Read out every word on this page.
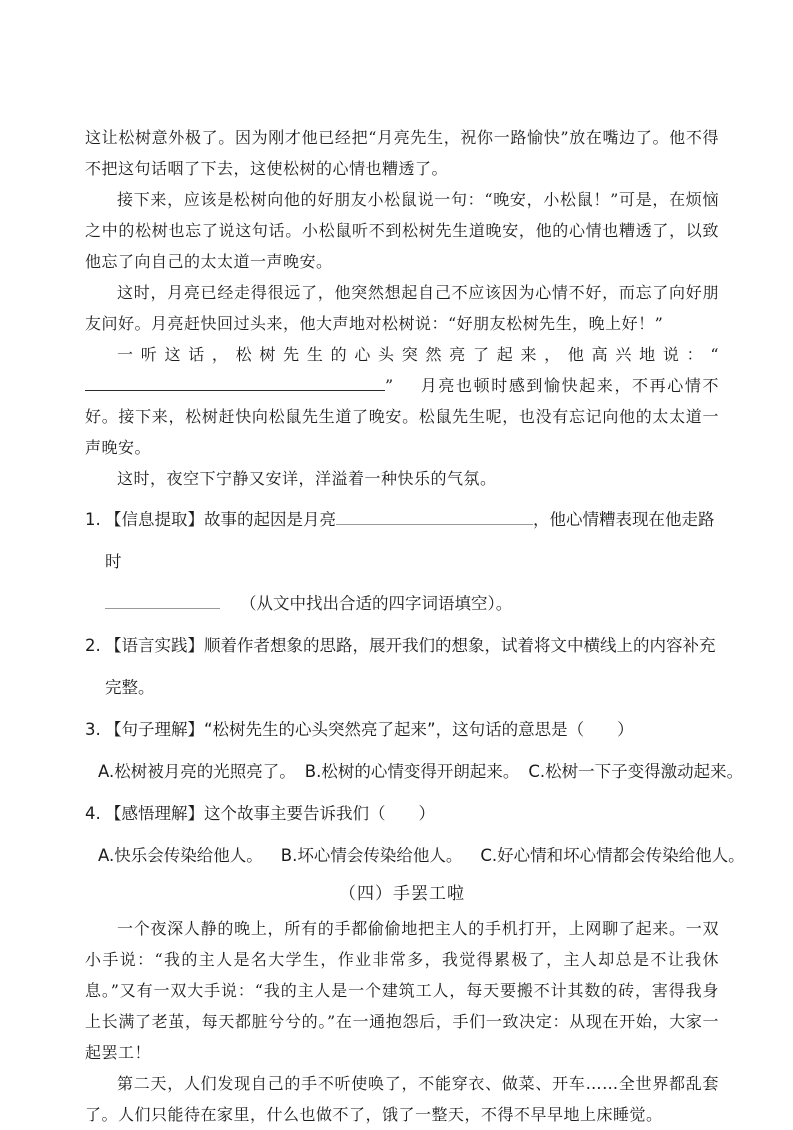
这让松树意外极了。因为刚才他已经把“月亮先生，祝你一路愉快”放在嘴边了。他不得不把这句话咽了下去，这使松树的心情也糟透了。

接下来，应该是松树向他的好朋友小松鼠说一句：“晚安，小松鼠！”可是，在烦恼之中的松树也忘了说这句话。小松鼠听不到松树先生道晚安，他的心情也糟透了，以致他忘了向自己的太太道一声晚安。

这时，月亮已经走得很远了，他突然想起自己不应该因为心情不好，而忘了向好朋友问好。月亮赶快回过头来，他大声地对松树说：“好朋友松树先生，晚上好！”

一听这话，松树先生的心头突然亮了起来，他高兴地说：“” 月亮也顿时感到愉快起来，不再心情不好。接下来，松树赶快向松鼠先生道了晚安。松鼠先生呢，也没有忘记向他的太太道一声晚安。

这时，夜空下宁静又安详，洋溢着一种快乐的气氛。

1. 【信息提取】故事的起因是月亮	，他心情糟表现在他走路时
（从文中找出合适的四字词语填空）。
2. 【语言实践】顺着作者想象的思路，展开我们的想象，试着将文中横线上的内容补充完整。
3. 【句子理解】“松树先生的心头突然亮了起来”，这句话的意思是（　　）
A.松树被月亮的光照亮了。 B.松树的心情变得开朗起来。 C.松树一下子变得激动起来。
4. 【感悟理解】这个故事主要告诉我们（　　）
A.快乐会传染给他人。 B.坏心情会传染给他人。 C.好心情和坏心情都会传染给他人。
（四）手罢工啦

一个夜深人静的晚上，所有的手都偷偷地把主人的手机打开，上网聊了起来。一双小手说：“我的主人是名大学生，作业非常多，我觉得累极了，主人却总是不让我休息。”又有一双大手说：“我的主人是一个建筑工人，每天要搬不计其数的砖，害得我身上长满了老茧，每天都脏兮兮的。”在一通抱怨后，手们一致决定：从现在开始，大家一起罢工！

第二天，人们发现自己的手不听使唤了，不能穿衣、做菜、开车……全世界都乱套了。人们只能待在家里，什么也做不了，饿了一整天，不得不早早地上床睡觉。
